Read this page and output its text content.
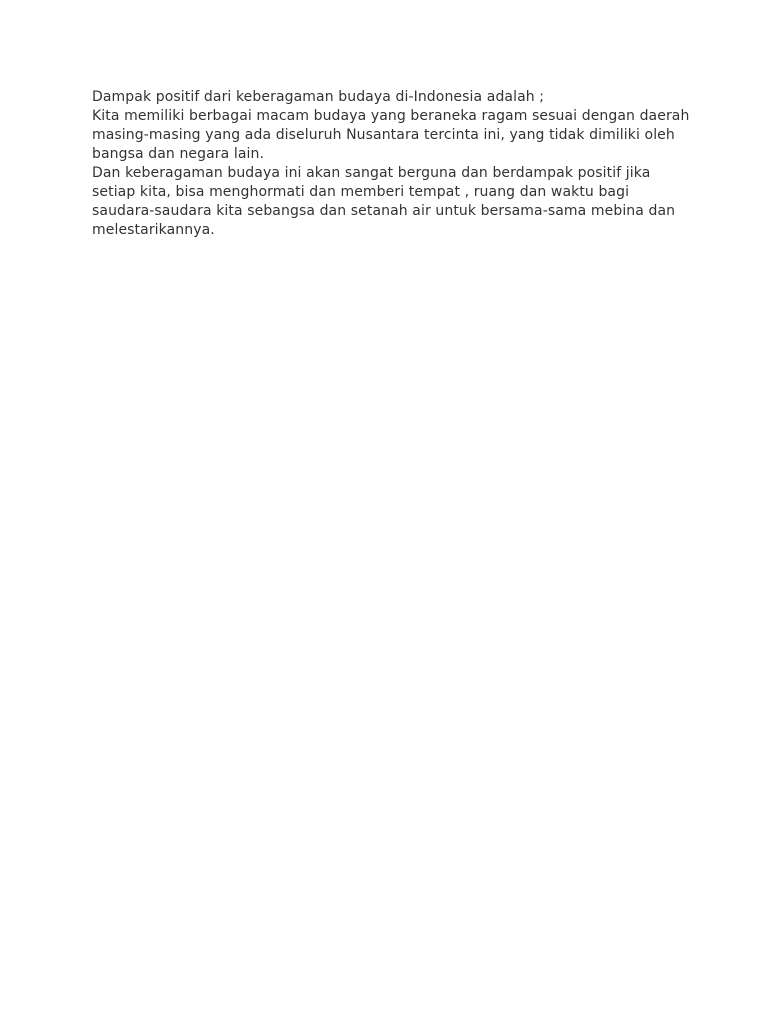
Dampak positif dari keberagaman budaya di-Indonesia adalah ;
Kita memiliki berbagai macam budaya yang beraneka ragam sesuai dengan daerah
masing-masing yang ada diseluruh Nusantara tercinta ini, yang tidak dimiliki oleh
bangsa dan negara lain.
Dan keberagaman budaya ini akan sangat berguna dan berdampak positif jika
setiap kita, bisa menghormati dan memberi tempat , ruang dan waktu bagi
saudara-saudara kita sebangsa dan setanah air untuk bersama-sama mebina dan
melestarikannya.
